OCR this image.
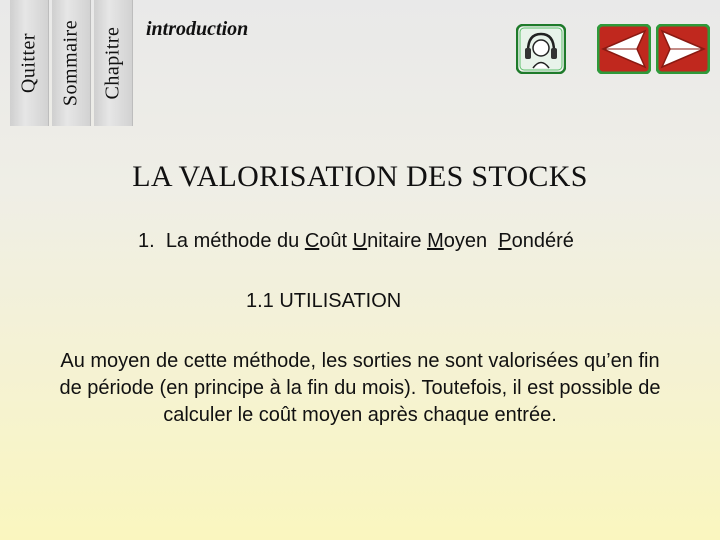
Quitter Sommaire Chapitre introduction
LA VALORISATION DES STOCKS
1. La méthode du Coût Unitaire Moyen  Pondéré
1.1 UTILISATION
Au moyen de cette méthode, les sorties ne sont valorisées qu’en fin de période (en principe à la fin du mois). Toutefois, il est possible de calculer le coût moyen après chaque entrée.
